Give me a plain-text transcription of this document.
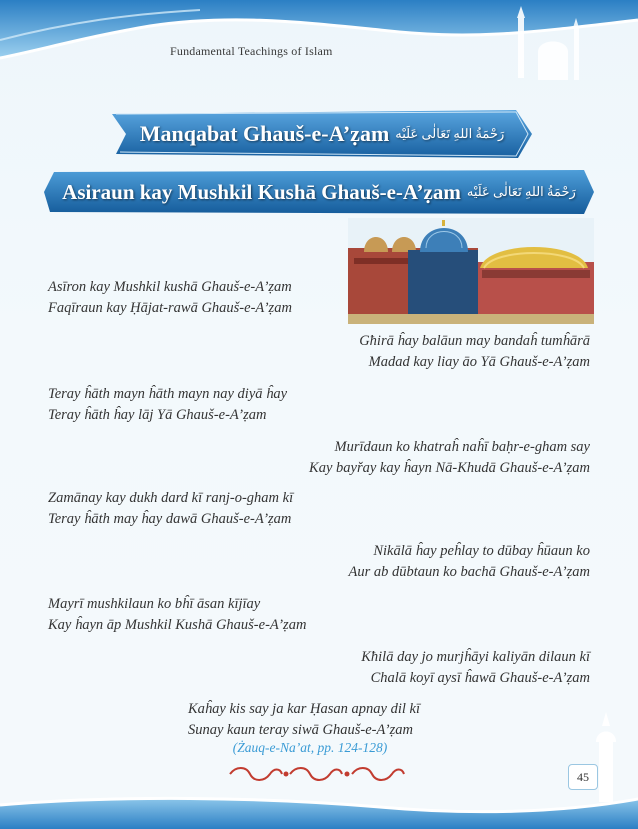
Fundamental Teachings of Islam
Manqabat Ghauš-e-A’ẓam رَحْمَةُ اللهِ تَعَالٰی عَلَيْه
Asiraun kay Mushkil Kushā Ghauš-e-A’ẓam رَحْمَةُ اللهِ تَعَالٰی عَلَيْه
Asīron kay Mushkil kushā Ghauš-e-A’ẓam
Faqīraun kay Ḥājat-rawā Ghauš-e-A’ẓam
Għirā ĥay balāun may bandaĥ tumĥārā
Madad kay liay āo Yā Ghauš-e-A’ẓam
Teray ĥāth mayn ĥāth mayn nay diyā ĥay
Teray ĥāth ĥay lāj Yā Ghauš-e-A’ẓam
Murīdaun ko khatraĥ naĥī baḥr-e-gham say
Kay bayřay kay ĥayn Nā-Khudā Ghauš-e-A’ẓam
Zamānay kay dukh dard kī ranj-o-gham kī
Teray ĥāth may ĥay dawā Ghauš-e-A’ẓam
Nikālā ĥay peĥlay to dūbay ĥūaun ko
Aur ab dūbtaun ko bachā Ghauš-e-A’ẓam
Mayrī mushkilaun ko bĥī āsan kījīay
Kay ĥayn āp Mushkil Kushā Ghauš-e-A’ẓam
Kħilā day jo murjĥāyi kaliyān dilaun kī
Chalā koyī aysī ĥawā Ghauš-e-A’ẓam
Kaĥay kis say ja kar Ḥasan apnay dil kī
Sunay kaun teray siwā Ghauš-e-A’ẓam
(Żauq-e-Na’at, pp. 124-128)
45
